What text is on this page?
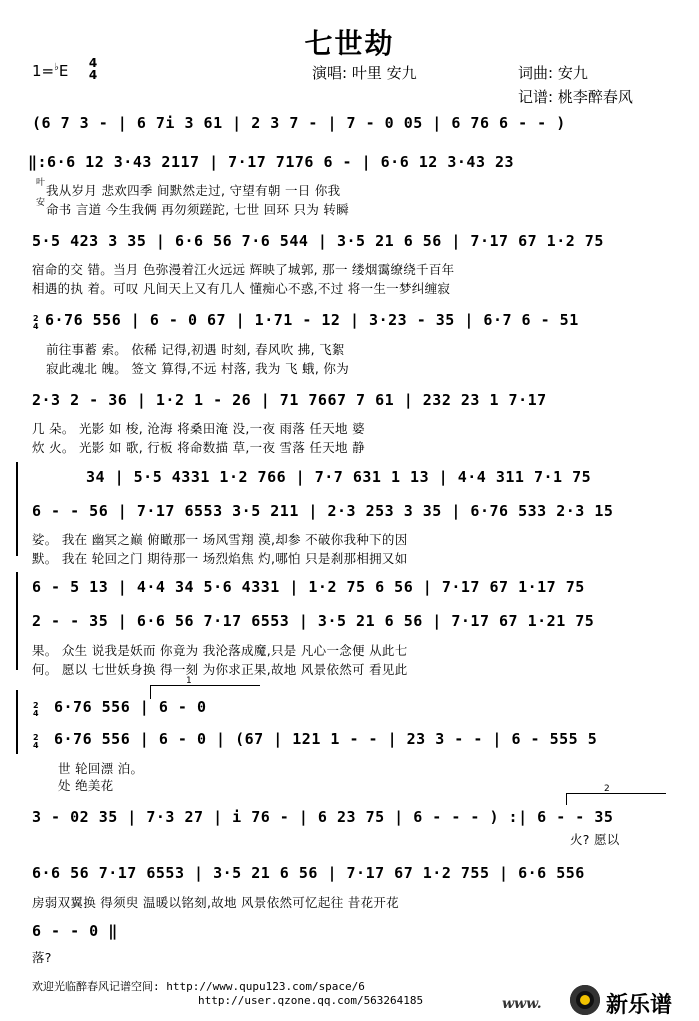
七世劫
1=♭E 4
4	演唱: 叶里 安九	词曲: 安九
记谱: 桃李醉春风
(6 7 3 - | 6 7i 3 61 | 2 3 7 - | 7 - 0 05 | 6 76 6 - - )
‖:6·6 12 3·43 2117 | 7·17 7176 6 - | 6·6 12 3·43 23
叶 我从岁月 悲欢四季 间默然走过, 守望有朝 一日 你我
安 命书 言道 今生我俩 再勿须蹉跎, 七世 回环 只为 转瞬
5·5 423 3 35 | 6·6 56 7·6 544 | 3·5 21 6 56 | 7·17 67 1·2 75
宿命的交 错。当月 色弥漫着江火远远 辉映了城郭, 那一 缕烟霭缭绕千百年
相遇的执 着。可叹 凡间天上又有几人 懂痴心不惑,不过 将一生一梦纠缠寂
2
4 6·76 556 | 6 - 0 67 | 1·71 - 12 | 3·23 - 35 | 6·7 6 - 51
前往事蓄 索。 依稀 记得,初遇 时刻, 春风吹 拂, 飞絮
寂此魂北 魄。 签文 算得,不远 村落, 我为 飞 蛾, 你为
2·3 2 - 36 | 1·2 1 - 26 | 71 7667 7 61 | 232 23 1 7·17
几 朵。 光影 如 梭, 沧海 将桑田淹 没,一夜 雨落 任天地 婆
炊 火。 光影 如 歌, 行板 将命数描 草,一夜 雪落 任天地 静
34 | 5·5 4331 1·2 766 | 7·7 631 1 13 | 4·4 311 7·1 75
6 - - 56 | 7·17 6553 3·5 211 | 2·3 253 3 35 | 6·76 533 2·3 15
娑。 我在 幽冥之巅 俯瞰那一 场风雪翔 漠,却参 不破你我种下的因
默。 我在 轮回之门 期待那一 场烈焰焦 灼,哪怕 只是刹那相拥又如
6 - 5 13 | 4·4 34 5·6 4331 | 1·2 75 6 56 | 7·17 67 1·17 75
2 - - 35 | 6·6 56 7·17 6553 | 3·5 21 6 56 | 7·17 67 1·21 75
果。 众生 说我是妖而 你竟为 我沦落成魔,只是 凡心一念便 从此七
何。 愿以 七世妖身换 得一刻 为你求正果,故地 风景依然可 看见此
1
2
4 6·76 556 | 6 - 0
2
4 6·76 556 | 6 - 0 | (67 | 121 1 - - | 23 3 - - | 6 - 555 5
世 轮回漂 泊。
处 绝美花	2
3 - 02 35 | 7·3 27 | i 76 - | 6 23 75 | 6 - - - ) :| 6 - - 35
火? 愿以
6·6 56 7·17 6553 | 3·5 21 6 56 | 7·17 67 1·2 755 | 6·6 556
房弱双翼换 得须臾 温暖以铭刻,故地 风景依然可忆起往 昔花开花
6 - - 0 ‖
落?
欢迎光临醉春风记谱空间: http://www.qupu123.com/space/6
http://user.qzone.qq.com/563264185	www.	新乐谱
